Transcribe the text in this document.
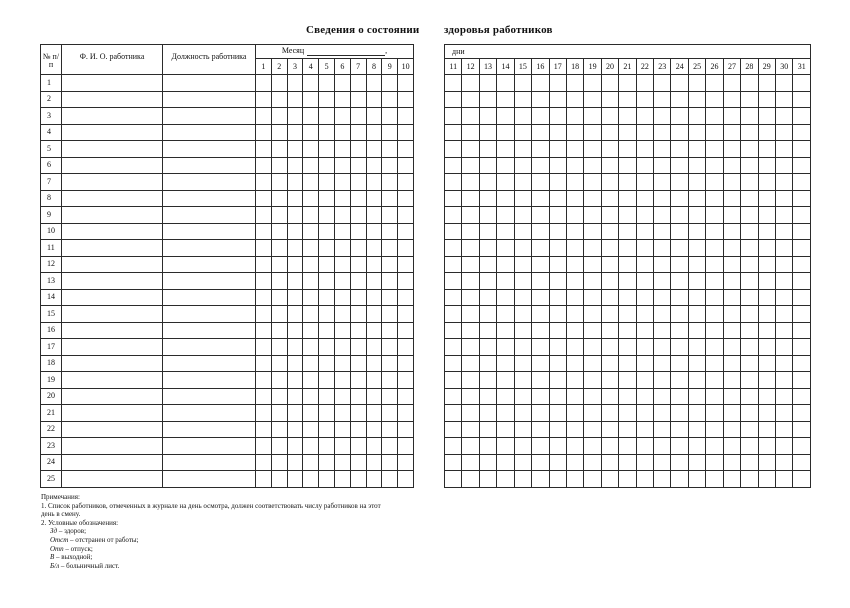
Сведения о состоянии здоровья работников
№ п/п	Ф. И. О. работника	Должность работника	Месяц ,									
			1	2	3	4	5	6	7	8	9	10
1												
2												
3												
4												
5												
6												
7												
8												
9												
10												
11												
12												
13												
14												
15												
16												
17												
18												
19												
20												
21												
22												
23												
24												
25												
дни																				
11	12	13	14	15	16	17	18	19	20	21	22	23	24	25	26	27	28	29	30	31

Примечания:
1. Список работников, отмеченных в журнале на день осмотра, должен соответствовать числу работников на этот
день в смену.
2. Условные обозначения:
Зд – здоров;
Отст – отстранен от работы;
Отп – отпуск;
В – выходной;
Б/л – больничный лист.
